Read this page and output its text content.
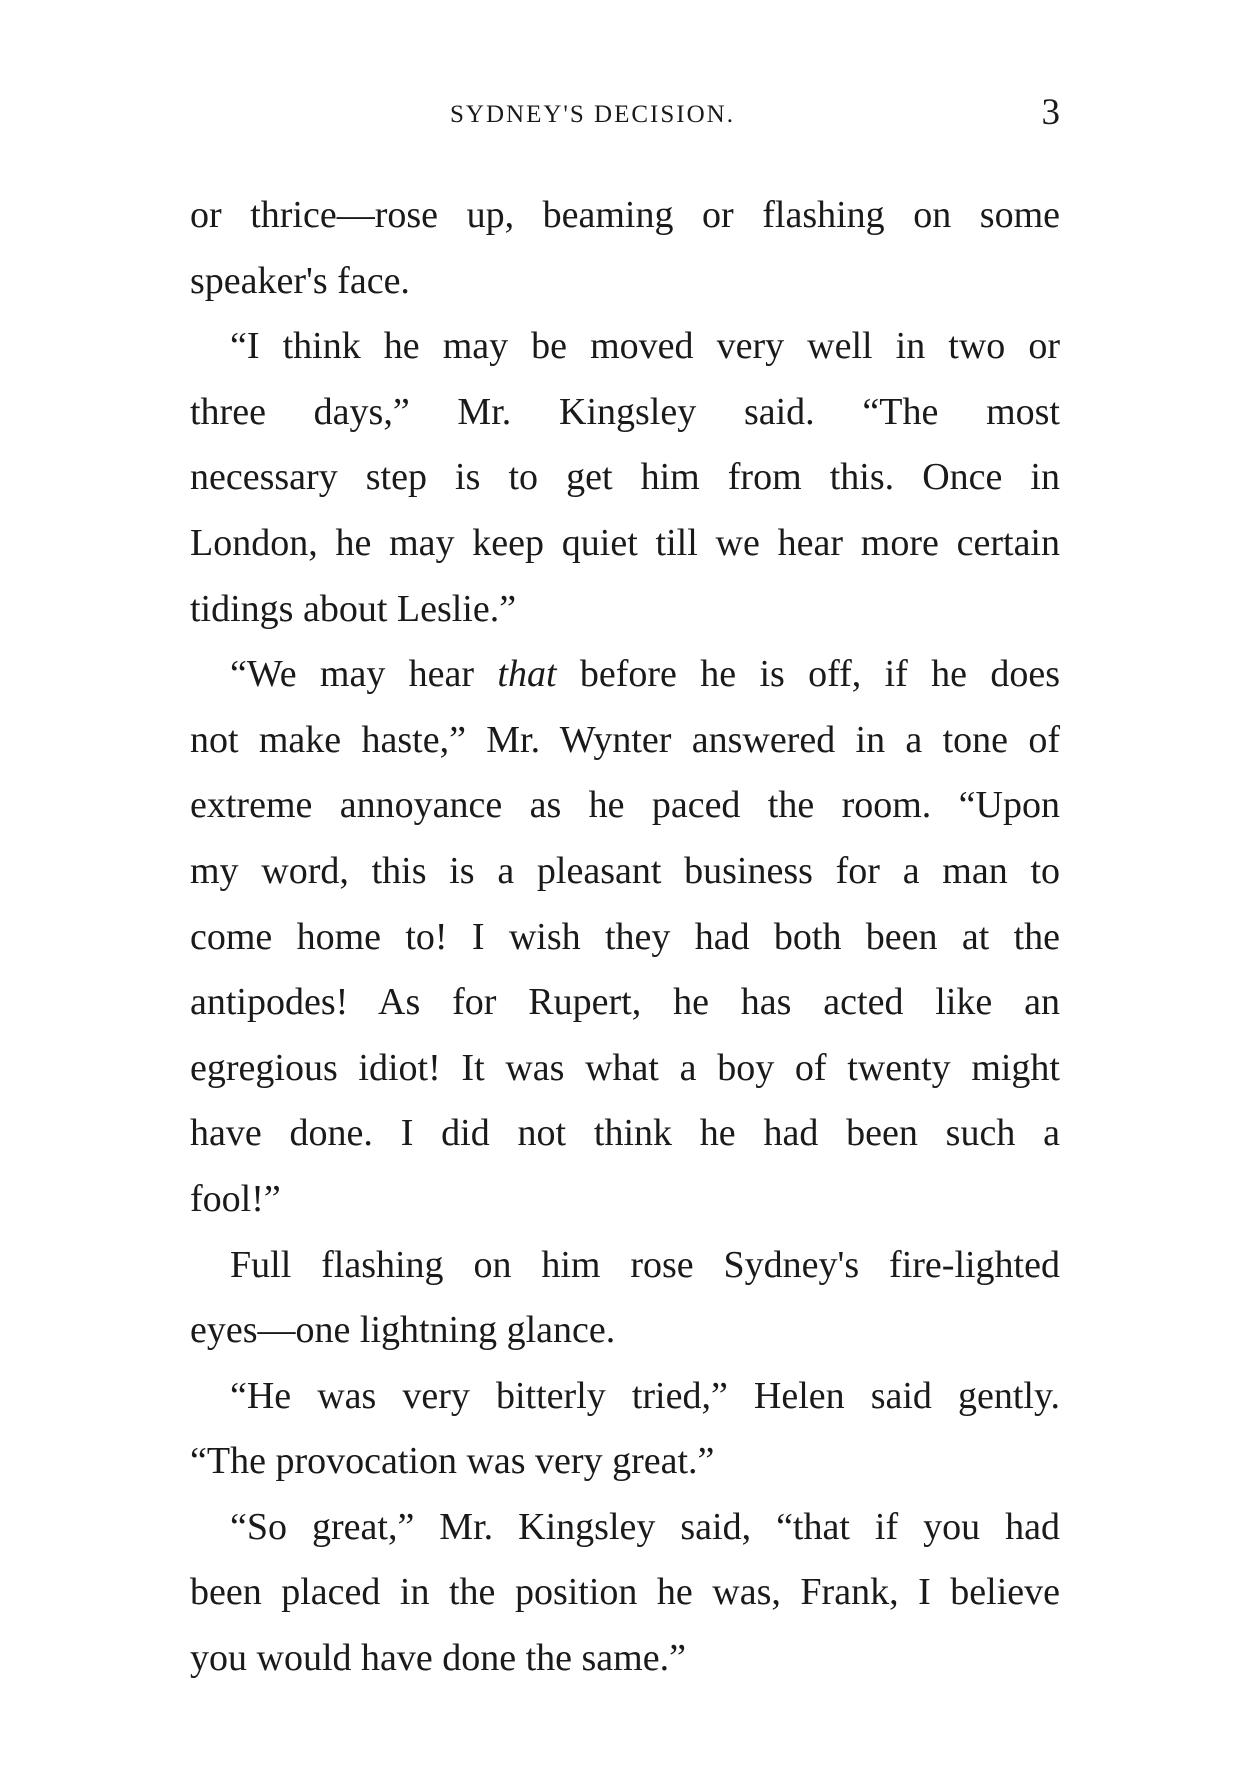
SYDNEY'S DECISION.	3
or thrice—rose up, beaming or flashing on some
speaker's face.
“I think he may be moved very well in two or
three days,” Mr. Kingsley said. “The most
necessary step is to get him from this. Once in
London, he may keep quiet till we hear more certain
tidings about Leslie.”
“We may hear that before he is off, if he does
not make haste,” Mr. Wynter answered in a tone of
extreme annoyance as he paced the room. “Upon
my word, this is a pleasant business for a man to
come home to! I wish they had both been at the
antipodes! As for Rupert, he has acted like an
egregious idiot! It was what a boy of twenty might
have done. I did not think he had been such a
fool!”
Full flashing on him rose Sydney's fire-lighted
eyes—one lightning glance.
“He was very bitterly tried,” Helen said gently.
“The provocation was very great.”
“So great,” Mr. Kingsley said, “that if you had
been placed in the position he was, Frank, I believe
you would have done the same.”
